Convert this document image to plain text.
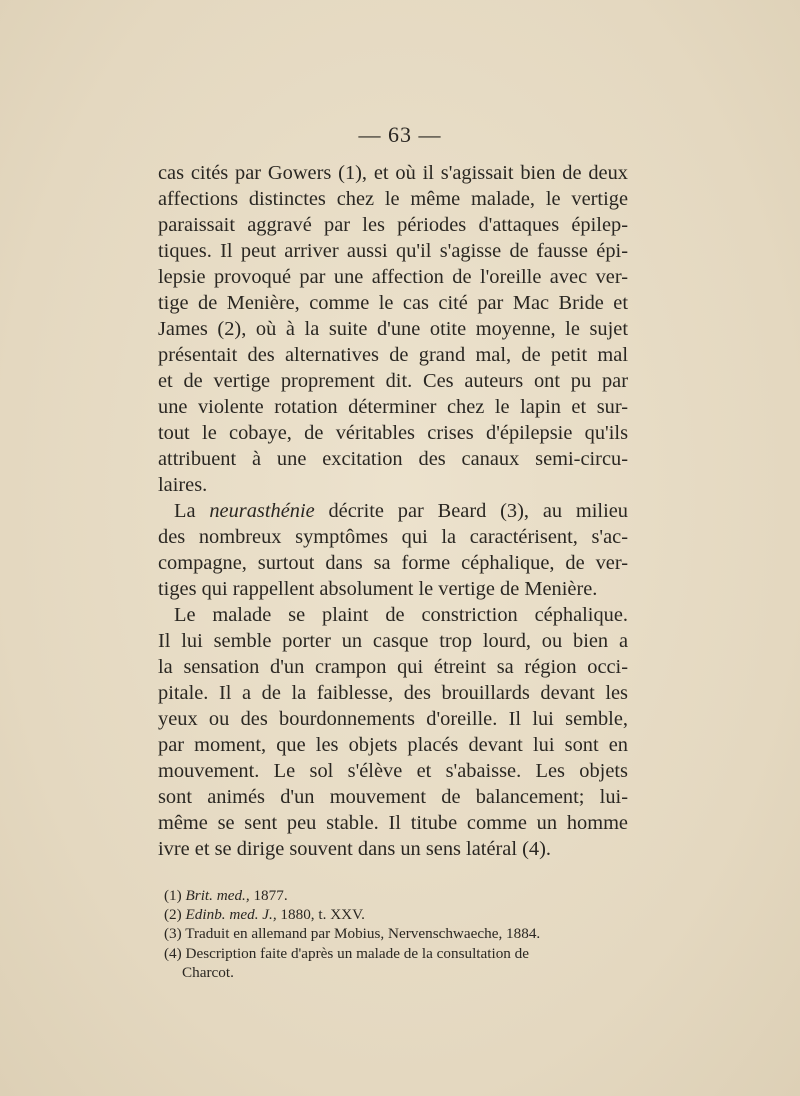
— 63 —
cas cités par Gowers (1), et où il s'agissait bien de deux
affections distinctes chez le même malade, le vertige
paraissait aggravé par les périodes d'attaques épilep-
tiques. Il peut arriver aussi qu'il s'agisse de fausse épi-
lepsie provoqué par une affection de l'oreille avec ver-
tige de Menière, comme le cas cité par Mac Bride et
James (2), où à la suite d'une otite moyenne, le sujet
présentait des alternatives de grand mal, de petit mal
et de vertige proprement dit. Ces auteurs ont pu par
une violente rotation déterminer chez le lapin et sur-
tout le cobaye, de véritables crises d'épilepsie qu'ils
attribuent à une excitation des canaux semi-circu-
laires.
La neurasthénie décrite par Beard (3), au milieu
des nombreux symptômes qui la caractérisent, s'ac-
compagne, surtout dans sa forme céphalique, de ver-
tiges qui rappellent absolument le vertige de Menière.
Le malade se plaint de constriction céphalique.
Il lui semble porter un casque trop lourd, ou bien a
la sensation d'un crampon qui étreint sa région occi-
pitale. Il a de la faiblesse, des brouillards devant les
yeux ou des bourdonnements d'oreille. Il lui semble,
par moment, que les objets placés devant lui sont en
mouvement. Le sol s'élève et s'abaisse. Les objets
sont animés d'un mouvement de balancement; lui-
même se sent peu stable. Il titube comme un homme
ivre et se dirige souvent dans un sens latéral (4).
(1) Brit. med., 1877.
(2) Edinb. med. J., 1880, t. XXV.
(3) Traduit en allemand par Mobius, Nervenschwaeche, 1884.
(4) Description faite d'après un malade de la consultation de
Charcot.
